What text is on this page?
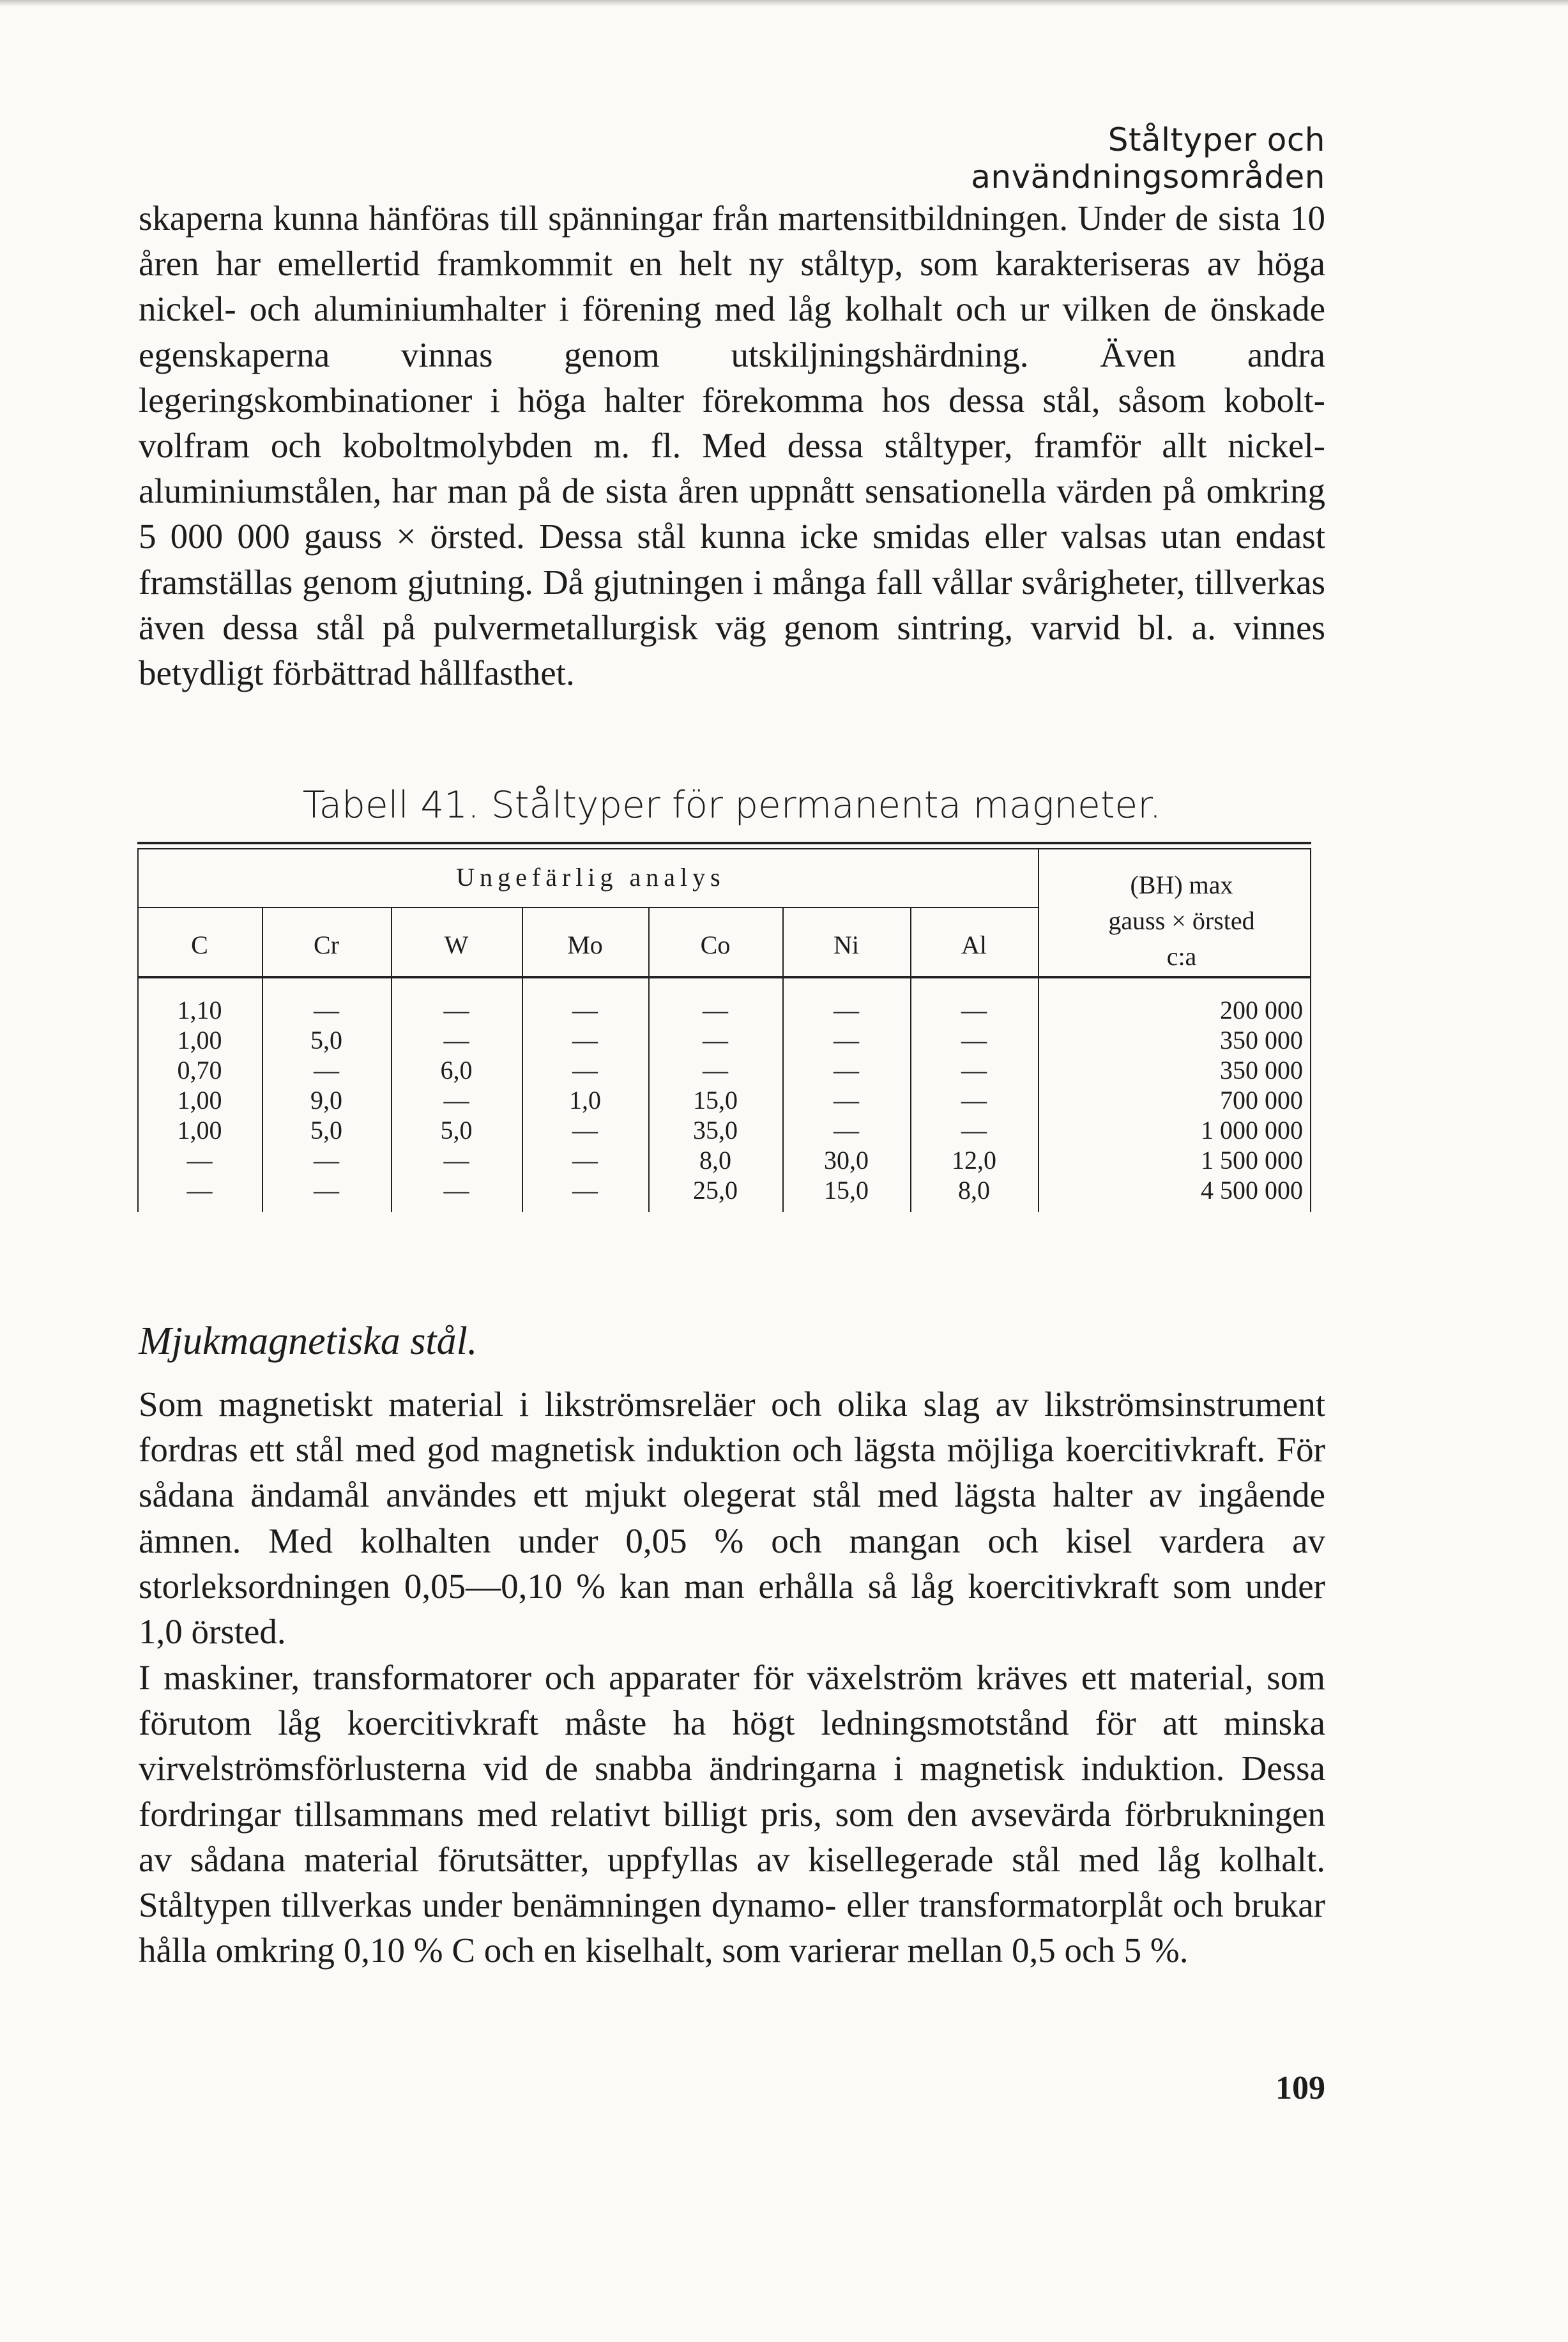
Ståltyper och användningsområden

skaperna kunna hänföras till spänningar från martensitbildningen. Under de sista 10 åren har emellertid framkommit en helt ny ståltyp, som karakteriseras av höga nickel- och aluminiumhalter i förening med låg kolhalt och ur vilken de önskade egenskaperna vinnas genom utskiljningshärdning. Även andra legeringskombinationer i höga halter förekomma hos dessa stål, såsom kobolt-volfram och koboltmolybden m. fl. Med dessa ståltyper, framför allt nickel-aluminiumstålen, har man på de sista åren uppnått sensationella värden på omkring 5 000 000 gauss × örsted. Dessa stål kunna icke smidas eller valsas utan endast framställas genom gjutning. Då gjutningen i många fall vållar svårigheter, tillverkas även dessa stål på pulvermetallurgisk väg genom sintring, varvid bl. a. vinnes betydligt förbättrad hållfasthet.

Tabell 41. Ståltyper för permanenta magneter.
Ungefärlig analys	(BH) max
gauss × örsted
c:a
C	Cr	W	Mo	Co	Ni	Al
1,10	—	—	—	—	—	—	200 000
1,00	5,0	—	—	—	—	—	350 000
0,70	—	6,0	—	—	—	—	350 000
1,00	9,0	—	1,0	15,0	—	—	700 000
1,00	5,0	5,0	—	35,0	—	—	1 000 000
—	—	—	—	8,0	30,0	12,0	1 500 000
—	—	—	—	25,0	15,0	8,0	4 500 000
Mjukmagnetiska stål.

Som magnetiskt material i likströmsreläer och olika slag av likströmsinstrument fordras ett stål med god magnetisk induktion och lägsta möjliga koercitivkraft. För sådana ändamål användes ett mjukt olegerat stål med lägsta halter av ingående ämnen. Med kolhalten under 0,05 % och mangan och kisel vardera av storleksordningen 0,05—0,10 % kan man erhålla så låg koercitivkraft som under 1,0 örsted.

I maskiner, transformatorer och apparater för växelström kräves ett material, som förutom låg koercitivkraft måste ha högt ledningsmotstånd för att minska virvelströmsförlusterna vid de snabba ändringarna i magnetisk induktion. Dessa fordringar tillsammans med relativt billigt pris, som den avsevärda förbrukningen av sådana material förutsätter, uppfyllas av kisellegerade stål med låg kolhalt. Ståltypen tillverkas under benämningen dynamo- eller transformatorplåt och brukar hålla omkring 0,10 % C och en kiselhalt, som varierar mellan 0,5 och 5 %.

109
